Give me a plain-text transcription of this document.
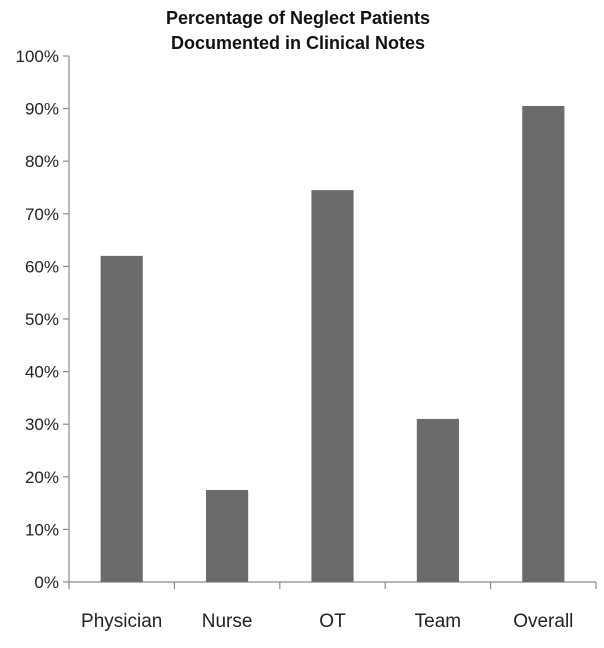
Percentage of Neglect Patients
Documented in Clinical Notes
0%
10%
20%
30%
40%
50%
60%
70%
80%
90%
100%
Physician Nurse	OT	Team	Overall
